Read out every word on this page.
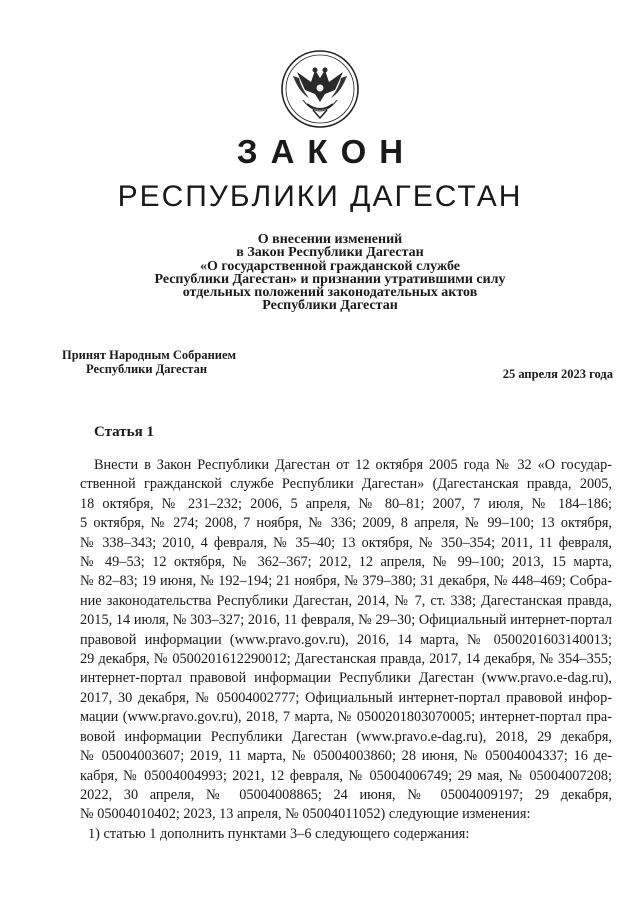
ЗАКОН
РЕСПУБЛИКИ ДАГЕСТАН
О внесении изменений
в Закон Республики Дагестан
«О государственной гражданской службе
Республики Дагестан» и признании утратившими силу
отдельных положений законодательных актов
Республики Дагестан
Принят Народным Собранием
Республики Дагестан	25 апреля 2023 года
Статья 1
Внести в Закон Республики Дагестан от 12 октября 2005 года № 32 «О государ-
ственной гражданской службе Республики Дагестан» (Дагестанская правда, 2005,
18 октября, № 231–232; 2006, 5 апреля, № 80–81; 2007, 7 июля, № 184–186;
5 октября, № 274; 2008, 7 ноября, № 336; 2009, 8 апреля, № 99–100; 13 октября,
№ 338–343; 2010, 4 февраля, № 35–40; 13 октября, № 350–354; 2011, 11 февраля,
№ 49–53; 12 октября, № 362–367; 2012, 12 апреля, № 99–100; 2013, 15 марта,
№ 82–83; 19 июня, № 192–194; 21 ноября, № 379–380; 31 декабря, № 448–469; Собра-
ние законодательства Республики Дагестан, 2014, № 7, ст. 338; Дагестанская правда,
2015, 14 июля, № 303–327; 2016, 11 февраля, № 29–30; Официальный интернет-портал
правовой информации (www.pravo.gov.ru), 2016, 14 марта, № 0500201603140013;
29 декабря, № 0500201612290012; Дагестанская правда, 2017, 14 декабря, № 354–355;
интернет-портал правовой информации Республики Дагестан (www.pravo.e-dag.ru),
2017, 30 декабря, № 05004002777; Официальный интернет-портал правовой инфор-
мации (www.pravo.gov.ru), 2018, 7 марта, № 0500201803070005; интернет-портал пра-
вовой информации Республики Дагестан (www.pravo.e-dag.ru), 2018, 29 декабря,
№ 05004003607; 2019, 11 марта, № 05004003860; 28 июня, № 05004004337; 16 де-
кабря, № 05004004993; 2021, 12 февраля, № 05004006749; 29 мая, № 05004007208;
2022, 30 апреля, № 05004008865; 24 июня, № 05004009197; 29 декабря,
№ 05004010402; 2023, 13 апреля, № 05004011052) следующие изменения:
1) статью 1 дополнить пунктами 3–6 следующего содержания:
